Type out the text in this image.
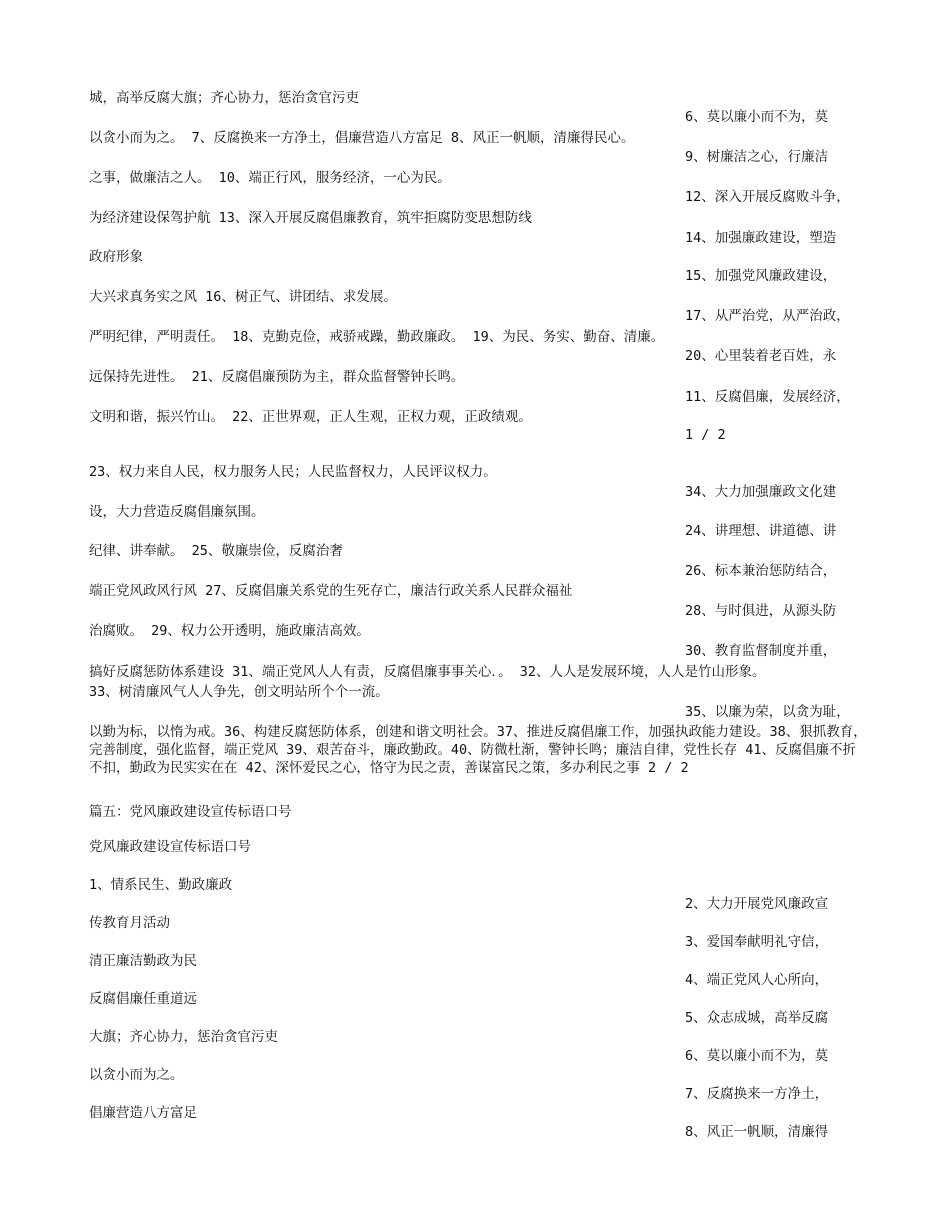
城，高举反腐大旗；齐心协力，惩治贪官污吏
6、莫以廉小而不为，莫
以贪小而为之。 7、反腐换来一方净土，倡廉营造八方富足 8、风正一帆顺，清廉得民心。
9、树廉洁之心，行廉洁
之事，做廉洁之人。 10、端正行风，服务经济，一心为民。
12、深入开展反腐败斗争，
为经济建设保驾护航 13、深入开展反腐倡廉教育，筑牢拒腐防变思想防线
14、加强廉政建设，塑造
政府形象
15、加强党风廉政建设，
大兴求真务实之风 16、树正气、讲团结、求发展。
17、从严治党，从严治政，
严明纪律，严明责任。 18、克勤克俭，戒骄戒躁，勤政廉政。 19、为民、务实、勤奋、清廉。
20、心里装着老百姓，永
远保持先进性。 21、反腐倡廉预防为主，群众监督警钟长鸣。
11、反腐倡廉，发展经济，
文明和谐，振兴竹山。 22、正世界观，正人生观，正权力观，正政绩观。
1 / 2
23、权力来自人民，权力服务人民；人民监督权力，人民评议权力。
34、大力加强廉政文化建
设，大力营造反腐倡廉氛围。
24、讲理想、讲道德、讲
纪律、讲奉献。 25、敬廉崇俭，反腐治奢
26、标本兼治惩防结合，
端正党风政风行风 27、反腐倡廉关系党的生死存亡，廉洁行政关系人民群众福祉
28、与时俱进，从源头防
治腐败。 29、权力公开透明，施政廉洁高效。
30、教育监督制度并重，
搞好反腐惩防体系建设 31、端正党风人人有责，反腐倡廉事事关心．。 32、人人是发展环境，人人是竹山形象。
33、树清廉风气人人争先，创文明站所个个一流。
35、以廉为荣，以贪为耻，
以勤为标，以惰为戒。36、构建反腐惩防体系，创建和谐文明社会。37、推进反腐倡廉工作，加强执政能力建设。38、狠抓教育，完善制度，强化监督，端正党风 39、艰苦奋斗，廉政勤政。40、防微杜渐，警钟长鸣；廉洁自律，党性长存 41、反腐倡廉不折不扣，勤政为民实实在在 42、深怀爱民之心，恪守为民之责，善谋富民之策，多办利民之事 2 / 2
篇五：党风廉政建设宣传标语口号
党风廉政建设宣传标语口号
1、情系民生、勤政廉政
2、大力开展党风廉政宣
传教育月活动
3、爱国奉献明礼守信，
清正廉洁勤政为民
4、端正党风人心所向，
反腐倡廉任重道远
5、众志成城，高举反腐
大旗；齐心协力，惩治贪官污吏
6、莫以廉小而不为，莫
以贪小而为之。
7、反腐换来一方净土，
倡廉营造八方富足
8、风正一帆顺，清廉得
